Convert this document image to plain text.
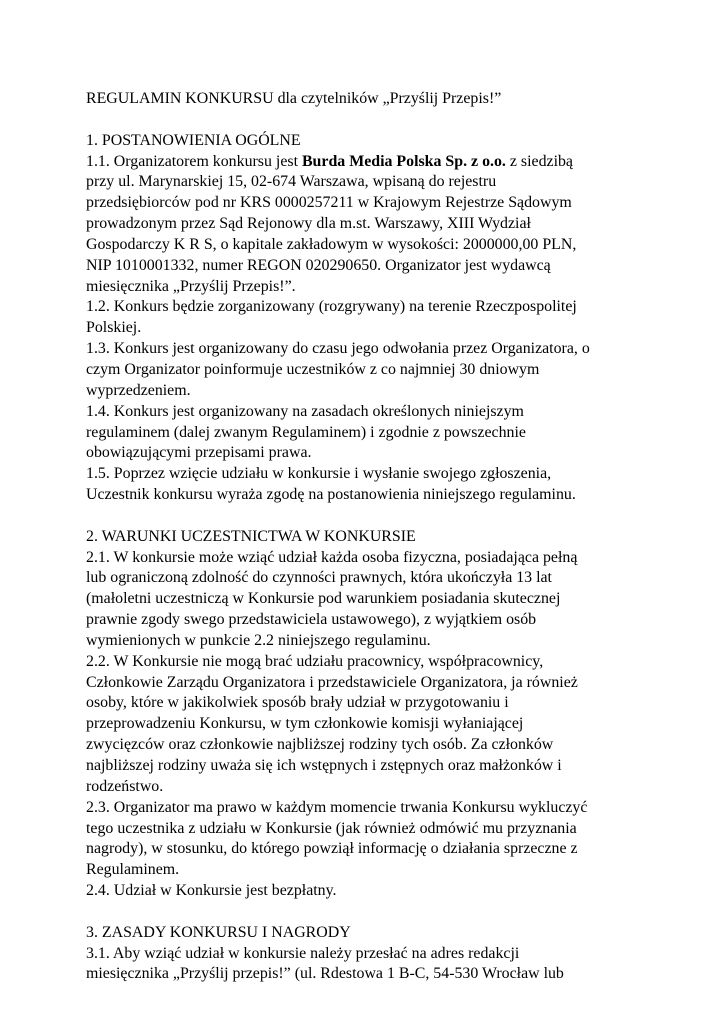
REGULAMIN KONKURSU dla czytelników „Przyślij Przepis!”
1. POSTANOWIENIA OGÓLNE
1.1. Organizatorem konkursu jest Burda Media Polska Sp. z o.o. z siedzibą
przy ul. Marynarskiej 15, 02-674 Warszawa, wpisaną do rejestru
przedsiębiorców pod nr KRS 0000257211 w Krajowym Rejestrze Sądowym
prowadzonym przez Sąd Rejonowy dla m.st. Warszawy, XIII Wydział
Gospodarczy K R S, o kapitale zakładowym w wysokości: 2000000,00 PLN,
NIP 1010001332, numer REGON 020290650. Organizator jest wydawcą
miesięcznika „Przyślij Przepis!”.
1.2. Konkurs będzie zorganizowany (rozgrywany) na terenie Rzeczpospolitej
Polskiej.
1.3. Konkurs jest organizowany do czasu jego odwołania przez Organizatora, o
czym Organizator poinformuje uczestników z co najmniej 30 dniowym
wyprzedzeniem.
1.4. Konkurs jest organizowany na zasadach określonych niniejszym
regulaminem (dalej zwanym Regulaminem) i zgodnie z powszechnie
obowiązującymi przepisami prawa.
1.5. Poprzez wzięcie udziału w konkursie i wysłanie swojego zgłoszenia,
Uczestnik konkursu wyraża zgodę na postanowienia niniejszego regulaminu.
2. WARUNKI UCZESTNICTWA W KONKURSIE
2.1. W konkursie może wziąć udział każda osoba fizyczna, posiadająca pełną
lub ograniczoną zdolność do czynności prawnych, która ukończyła 13 lat
(małoletni uczestniczą w Konkursie pod warunkiem posiadania skutecznej
prawnie zgody swego przedstawiciela ustawowego), z wyjątkiem osób
wymienionych w punkcie 2.2 niniejszego regulaminu.
2.2. W Konkursie nie mogą brać udziału pracownicy, współpracownicy,
Członkowie Zarządu Organizatora i przedstawiciele Organizatora, ja również
osoby, które w jakikolwiek sposób brały udział w przygotowaniu i
przeprowadzeniu Konkursu, w tym członkowie komisji wyłaniającej
zwycięzców oraz członkowie najbliższej rodziny tych osób. Za członków
najbliższej rodziny uważa się ich wstępnych i zstępnych oraz małżonków i
rodzeństwo.
2.3. Organizator ma prawo w każdym momencie trwania Konkursu wykluczyć
tego uczestnika z udziału w Konkursie (jak również odmówić mu przyznania
nagrody), w stosunku, do którego powziął informację o działania sprzeczne z
Regulaminem.
2.4. Udział w Konkursie jest bezpłatny.
3. ZASADY KONKURSU I NAGRODY
3.1. Aby wziąć udział w konkursie należy przesłać na adres redakcji
miesięcznika „Przyślij przepis!” (ul. Rdestowa 1 B-C, 54-530 Wrocław lub
